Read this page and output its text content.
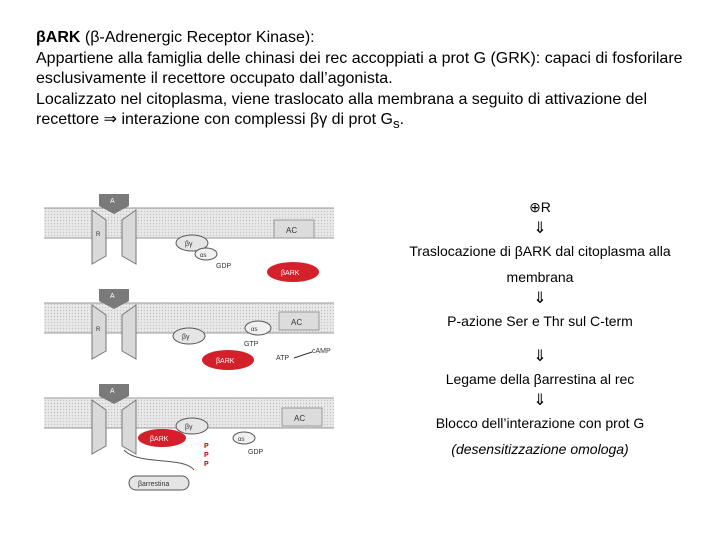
βARK (β-Adrenergic Receptor Kinase):

Appartiene alla famiglia delle chinasi dei rec accoppiati a prot G (GRK): capaci di fosforilare esclusivamente il recettore occupato dall’agonista.

Localizzato nel citoplasma, viene traslocato alla membrana a seguito di attivazione del recettore ⇒ interazione con complessi βγ di prot $G_s$.

A
R	AC
βγ
αs
GDP
βARK
A
R
AC
βγ
αs
GTP
ATP
cAMP
βARK
A
AC
βγ
αs
GDP
βARK
P
P
P
βarrestina
⊕R
⇓
Traslocazione di βARK dal citoplasma alla
membrana
⇓
P-azione Ser e Thr sul C-term
⇓
Legame della βarrestina al rec
⇓
Blocco dell’interazione con prot G
(desensitizzazione omologa)
